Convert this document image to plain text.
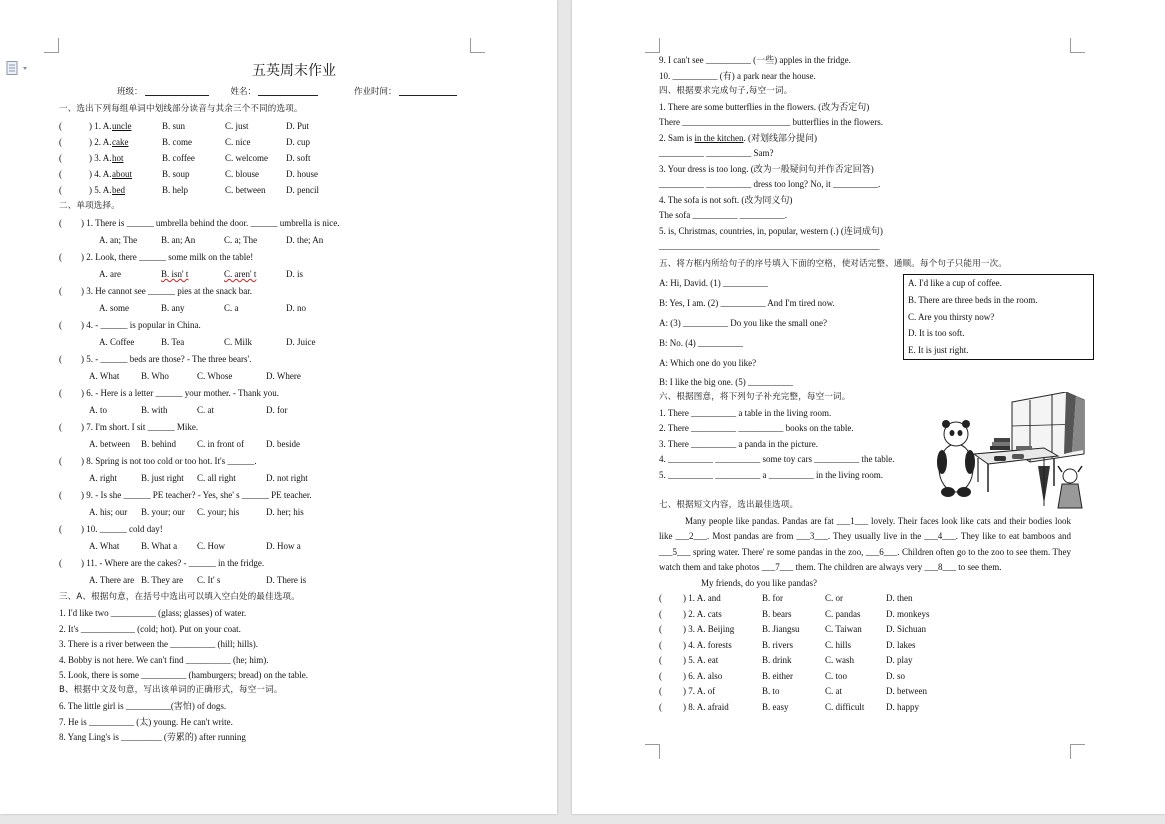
五英周末作业
班级：	姓名：	作业时间：
一、选出下列每组单词中划线部分读音与其余三个不同的选项。
(	) 1. A. uncle	B. sun	C. just	D. Put
(	) 2. A. cake	B. come	C. nice	D. cup
(	) 3. A. hot	B. coffee	C. welcome D. soft
(	) 4. A. about	B. soup	C. blouse	D. house
(	) 5. A. bed	B. help	C. between D. pencil
二、单项选择。
( ) 1. There is ______ umbrella behind the door. ______ umbrella is nice.
A. an; The	B. an; An	C. a; The	D. the; An
( ) 2. Look, there ______ some milk on the table!
A. are	B. isn' t	C. aren' t	D. is
( ) 3. He cannot see ______ pies at the snack bar.
A. some	B. any	C. a	D. no
( ) 4. - ______ is popular in China.
A. Coffee	B. Tea	C. Milk	D. Juice
( ) 5. - ______ beds are those? - The three bears'.
A. What B. Who	C. Whose	D. Where
( ) 6. - Here is a letter ______ your mother. - Thank you.
A. to	B. with	C. at	D. for
( ) 7. I'm short. I sit ______ Mike.
A. between B. behind C. in front of D. beside
( ) 8. Spring is not too cold or too hot. It's ______.
A. right	B. just right C. all right	D. not right
( ) 9. - Is she ______ PE teacher? - Yes, she' s ______ PE teacher.
A. his; our B. your; our C. your; his	D. her; his
( ) 10. ______ cold day!
A. What B. What a C. How	D. How a
( ) 11. - Where are the cakes? - ______ in the fridge.
A. There are B. They are C. It' s	D. There is
三、A、根据句意，在括号中选出可以填入空白处的最佳选项。
1. I'd like two __________ (glass; glasses) of water.
2. It's ____________ (cold; hot). Put on your coat.
3. There is a river between the __________ (hill; hills).
4. Bobby is not here. We can't find __________ (he; him).
5. Look, there is some __________ (hamburgers; bread) on the table.
B、根据中文及句意，写出该单词的正确形式，每空一词。
6. The little girl is __________(害怕) of dogs.
7. He is __________ (太) young. He can't write.
8. Yang Ling's is _________ (劳累的) after running
9. I can't see __________ (一些) apples in the fridge.
10. __________ (有) a park near the house.
四、根据要求完成句子,每空一词。
1. There are some butterflies in the flowers. (改为否定句)
There ________________________ butterflies in the flowers.
2. Sam is in the kitchen. (对划线部分提问)
__________ __________ Sam?
3. Your dress is too long. (改为一般疑问句并作否定回答)
__________ __________ dress too long? No, it __________.
4. The sofa is not soft. (改为同义句)
The sofa __________ __________.
5. is, Christmas, countries, in, popular, western (.) (连词成句)
_________________________________________________
五、将方框内所给句子的序号填入下面的空格，使对话完整、通顺。每个句子只能用一次。
A: Hi, David. (1) __________
B: Yes, I am. (2) __________ And I'm tired now.
A: (3) __________ Do you like the small one?
B: No. (4) __________
A: Which one do you like?
B: I like the big one. (5) __________
A. I'd like a cup of coffee.
B. There are three beds in the room.
C. Are you thirsty now?
D. It is too soft.
E. It is just right.
六、根据图意，将下列句子补充完整，每空一词。
1. There __________ a table in the living room.
2. There __________ __________ books on the table.
3. There __________ a panda in the picture.
4. __________ __________ some toy cars __________ the table.
5. __________ __________ a __________ in the living room.
七、根据短文内容，选出最佳选项。
Many people like pandas. Pandas are fat ___1___ lovely. Their faces look like cats and their bodies look like ___2___. Most pandas are from ___3___. They usually live in the ___4___. They like to eat bamboos and ___5___ spring water. There' re some pandas in the zoo, ___6___. Children often go to the zoo to see them. They watch them and take photos ___7___ them. The children are always very ___8___ to see them.
My friends, do you like pandas?
( ) 1. A. and	B. for	C. or	D. then
( ) 2. A. cats	B. bears	C. pandas	D. monkeys
( ) 3. A. Beijing	B. Jiangsu	C. Taiwan	D. Sichuan
( ) 4. A. forests	B. rivers	C. hills	D. lakes
( ) 5. A. eat	B. drink	C. wash	D. play
( ) 6. A. also	B. either	C. too	D. so
( ) 7. A. of	B. to	C. at	D. between
( ) 8. A. afraid	B. easy	C. difficult D. happy
